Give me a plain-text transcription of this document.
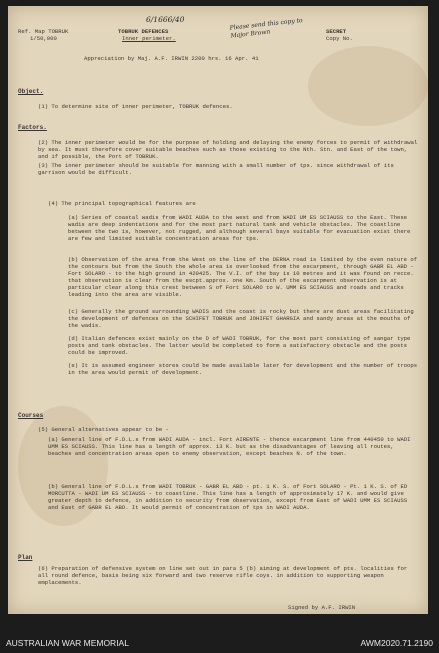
Ref. Map TOBRUK
1/50,000
TOBRUK DEFENCES
Inner perimeter.
6/1666/40	Please send this copy to Major Brown	SECRET
Copy No.
Appreciation by Maj. A.F. IRWIN 2200 hrs. 16 Apr. 41
Object.
(1) To determine site of inner perimeter, TOBRUK defences.
Factors.
(2) The inner perimeter would be for the purpose of holding and delaying the enemy forces to permit of withdrawal by sea. It must therefore cover suitable beaches such as those existing to the Nth. Stn. and East of the town, and if possible, the Port of TOBRUK.
(3) The inner perimeter should be suitable for manning with a small number of tps. since withdrawal of its garrison would be difficult.
(4) The principal topographical features are
(a) Series of coastal wadis from WADI AUDA to the west and from WADI UM ES SCIAUSS to the East. These wadis are deep indentations and for the most part natural tank and vehicle obstacles. The coastline between the two is, however, not rugged, and although several bays suitable for evacuation exist there are few and limited suitable concentration areas for tps.
(b) Observation of the area from the West on the line of the DERNA road is limited by the even nature of the contours but from the South the whole area is overlooked from the escarpment, through GABR EL ABD - Fort SOLARO - to the high ground in 420425. The V.I. of the bay is 10 metres and it was found on recce. that observation is clear from the escpt.approx. one Km. South of the escarpment observation is at particular clear along this crest between S of Fort SOLARO to W. UMM ES SCIAUSS and roads and tracks leading into the area are visible.
(c) Generally the ground surrounding WADIS and the coast is rocky but there are dust areas facilitating the development of defences on the SCHIFET TOBRUK and JOHIFET GHARGIA and sandy areas at the mouths of the wadis.
(d) Italian defences exist mainly on the D of WADI TOBRUK, for the most part consisting of sangar type posts and tank obstacles. The latter would be completed to form a satisfactory obstacle and the posts could be improved.
(e) It is assumed engineer stores could be made available later for development and the number of troops in the area would permit of development.
Courses
(5) General alternatives appear to be -
(a) General line of F.D.L.s from WADI AUDA - incl. Fort AIRENTE - thence escarpment line from 440450 to WADI UMM ES SCIAUSS. This line has a length of approx. 13 K. but as the disadvantages of leaving all routes, beaches and concentration areas open to enemy observation, except beaches N. of the town.
(b) General line of F.D.L.s from WADI TOBRUK - GABR EL ABD - pt. 1 K. S. of Fort SOLARO - Pt. 1 K. S. of ED MORCUTTA - WADI UM ES SCIAUSS - to coastline. This line has a length of approximately 17 K. and would give greater depth to defence, in addition to security from observation, except from East of WADI UMM ES SCIAUSS and East of GABR EL ABD. It would permit of concentration of tps in WADI AUDA.
Plan
(6) Preparation of defensive system on line set out in para 5 (b) aiming at development of pts. localities for all round defence, basis being six forward and two reserve rifle coys. in addition to supporting weapon emplacements.
Signed by A.F. IRWIN
AUSTRALIAN WAR MEMORIAL	AWM2020.71.2190
